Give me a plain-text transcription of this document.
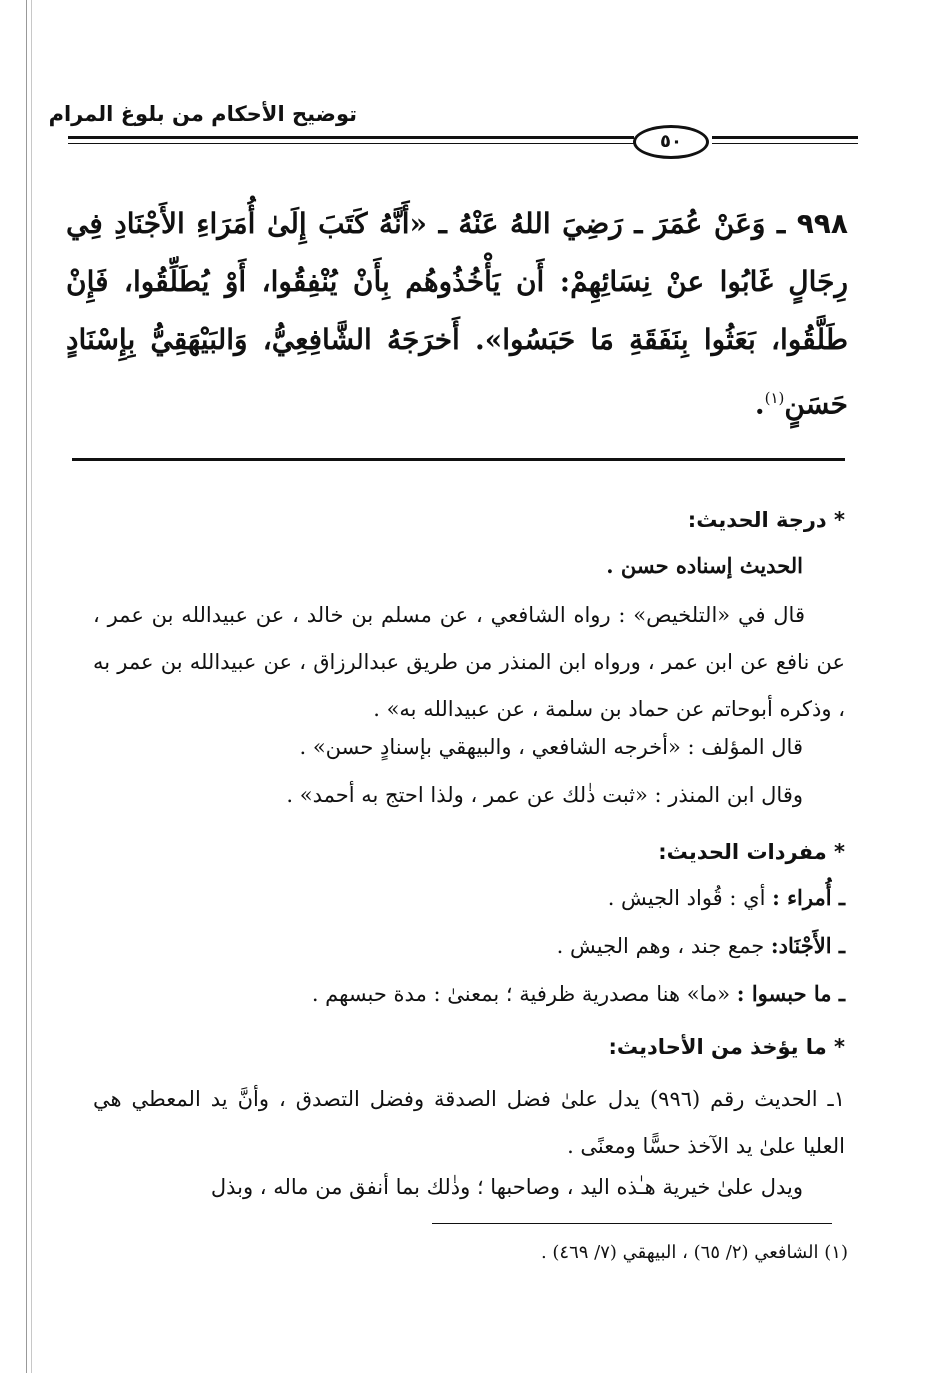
توضيح الأحكام من بلوغ المرام
٥٠
٩٩٨ ـ وَعَنْ عُمَرَ ـ رَضِيَ اللهُ عَنْهُ ـ «أَنَّهُ كَتَبَ إِلَىٰ أُمَرَاءِ الأَجْنَادِ فِي رِجَالٍ غَابُوا عنْ نِسَائِهِمْ: أَن يَأْخُذُوهُم بِأَنْ يُنْفِقُوا، أَوْ يُطَلِّقُوا، فَإِنْ طَلَّقُوا، بَعَثُوا بِنَفَقَةِ مَا حَبَسُوا». أَخرَجَهُ الشَّافِعِيُّ، وَالبَيْهَقِيُّ بِإِسْنَادٍ حَسَنٍ$^{(١)}$.
* درجة الحديث:
الحديث إسناده حسن .
قال في «التلخيص» : رواه الشافعي ، عن مسلم بن خالد ، عن عبيدالله بن عمر ، عن نافع عن ابن عمر ، ورواه ابن المنذر من طريق عبدالرزاق ، عن عبيدالله بن عمر به ، وذكره أبوحاتم عن حماد بن سلمة ، عن عبيدالله به» .
قال المؤلف : «أخرجه الشافعي ، والبيهقي بإسنادٍ حسن» .
وقال ابن المنذر : «ثبت ذٰلك عن عمر ، ولذا احتج به أحمد» .
* مفردات الحديث:
ـ أُمراء : أي : قُواد الجيش .
ـ الأَجْنَاد: جمع جند ، وهم الجيش .
ـ ما حبسوا : «ما» هنا مصدرية ظرفية ؛ بمعنىٰ : مدة حبسهم .
* ما يؤخذ من الأحاديث:
١ـ الحديث رقم (٩٩٦) يدل علىٰ فضل الصدقة وفضل التصدق ، وأنَّ يد المعطي هي العليا علىٰ يد الآخذ حسًّا ومعنًى .
ويدل علىٰ خيرية هـٰذه اليد ، وصاحبها ؛ وذٰلك بما أنفق من ماله ، وبذل
(١) الشافعي (٢/ ٦٥) ، البيهقي (٧/ ٤٦٩) .
